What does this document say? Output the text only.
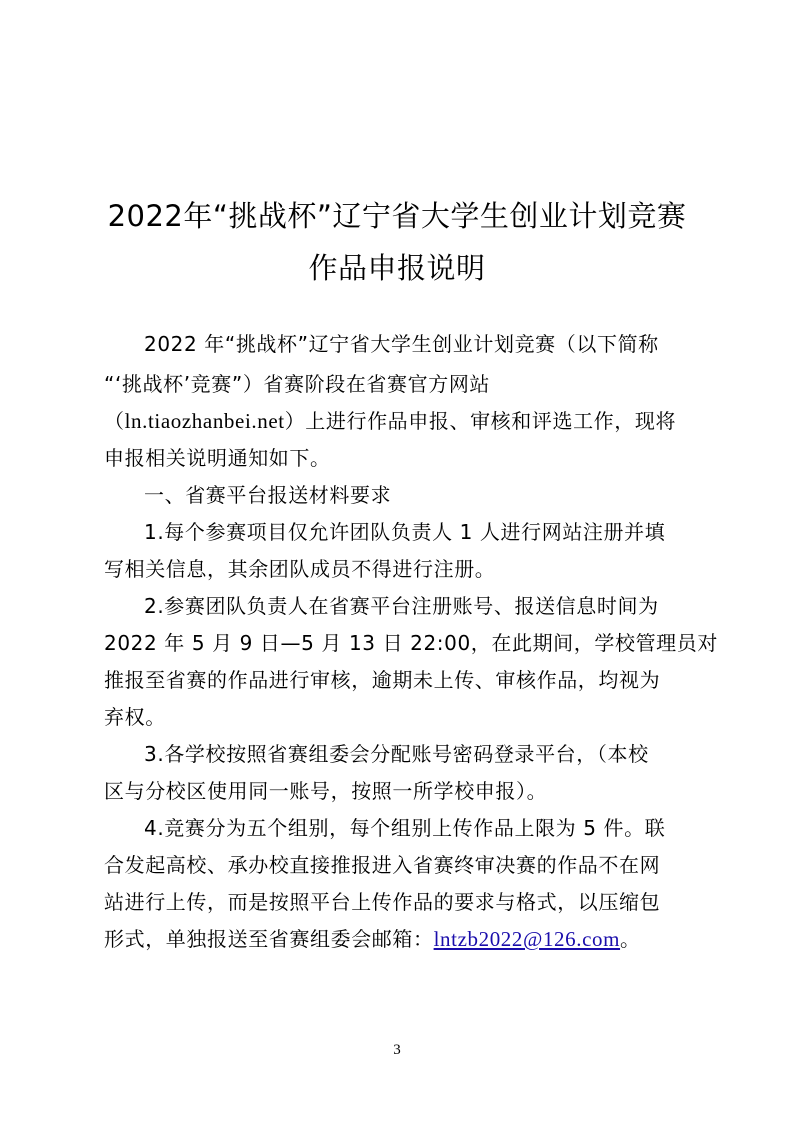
2022年“挑战杯”辽宁省大学生创业计划竞赛
作品申报说明
2022 年“挑战杯”辽宁省大学生创业计划竞赛（以下简称
“‘挑战杯’竞赛”）省赛阶段在省赛官方网站
（ln.tiaozhanbei.net）上进行作品申报、审核和评选工作，现将
申报相关说明通知如下。
一、省赛平台报送材料要求
1.每个参赛项目仅允许团队负责人 1 人进行网站注册并填
写相关信息，其余团队成员不得进行注册。
2.参赛团队负责人在省赛平台注册账号、报送信息时间为
2022 年 5 月 9 日—5 月 13 日 22:00，在此期间，学校管理员对
推报至省赛的作品进行审核，逾期未上传、审核作品，均视为
弃权。
3.各学校按照省赛组委会分配账号密码登录平台，（本校
区与分校区使用同一账号，按照一所学校申报）。
4.竞赛分为五个组别，每个组别上传作品上限为 5 件。联
合发起高校、承办校直接推报进入省赛终审决赛的作品不在网
站进行上传，而是按照平台上传作品的要求与格式，以压缩包
形式，单独报送至省赛组委会邮箱：lntzb2022@126.com。
3
